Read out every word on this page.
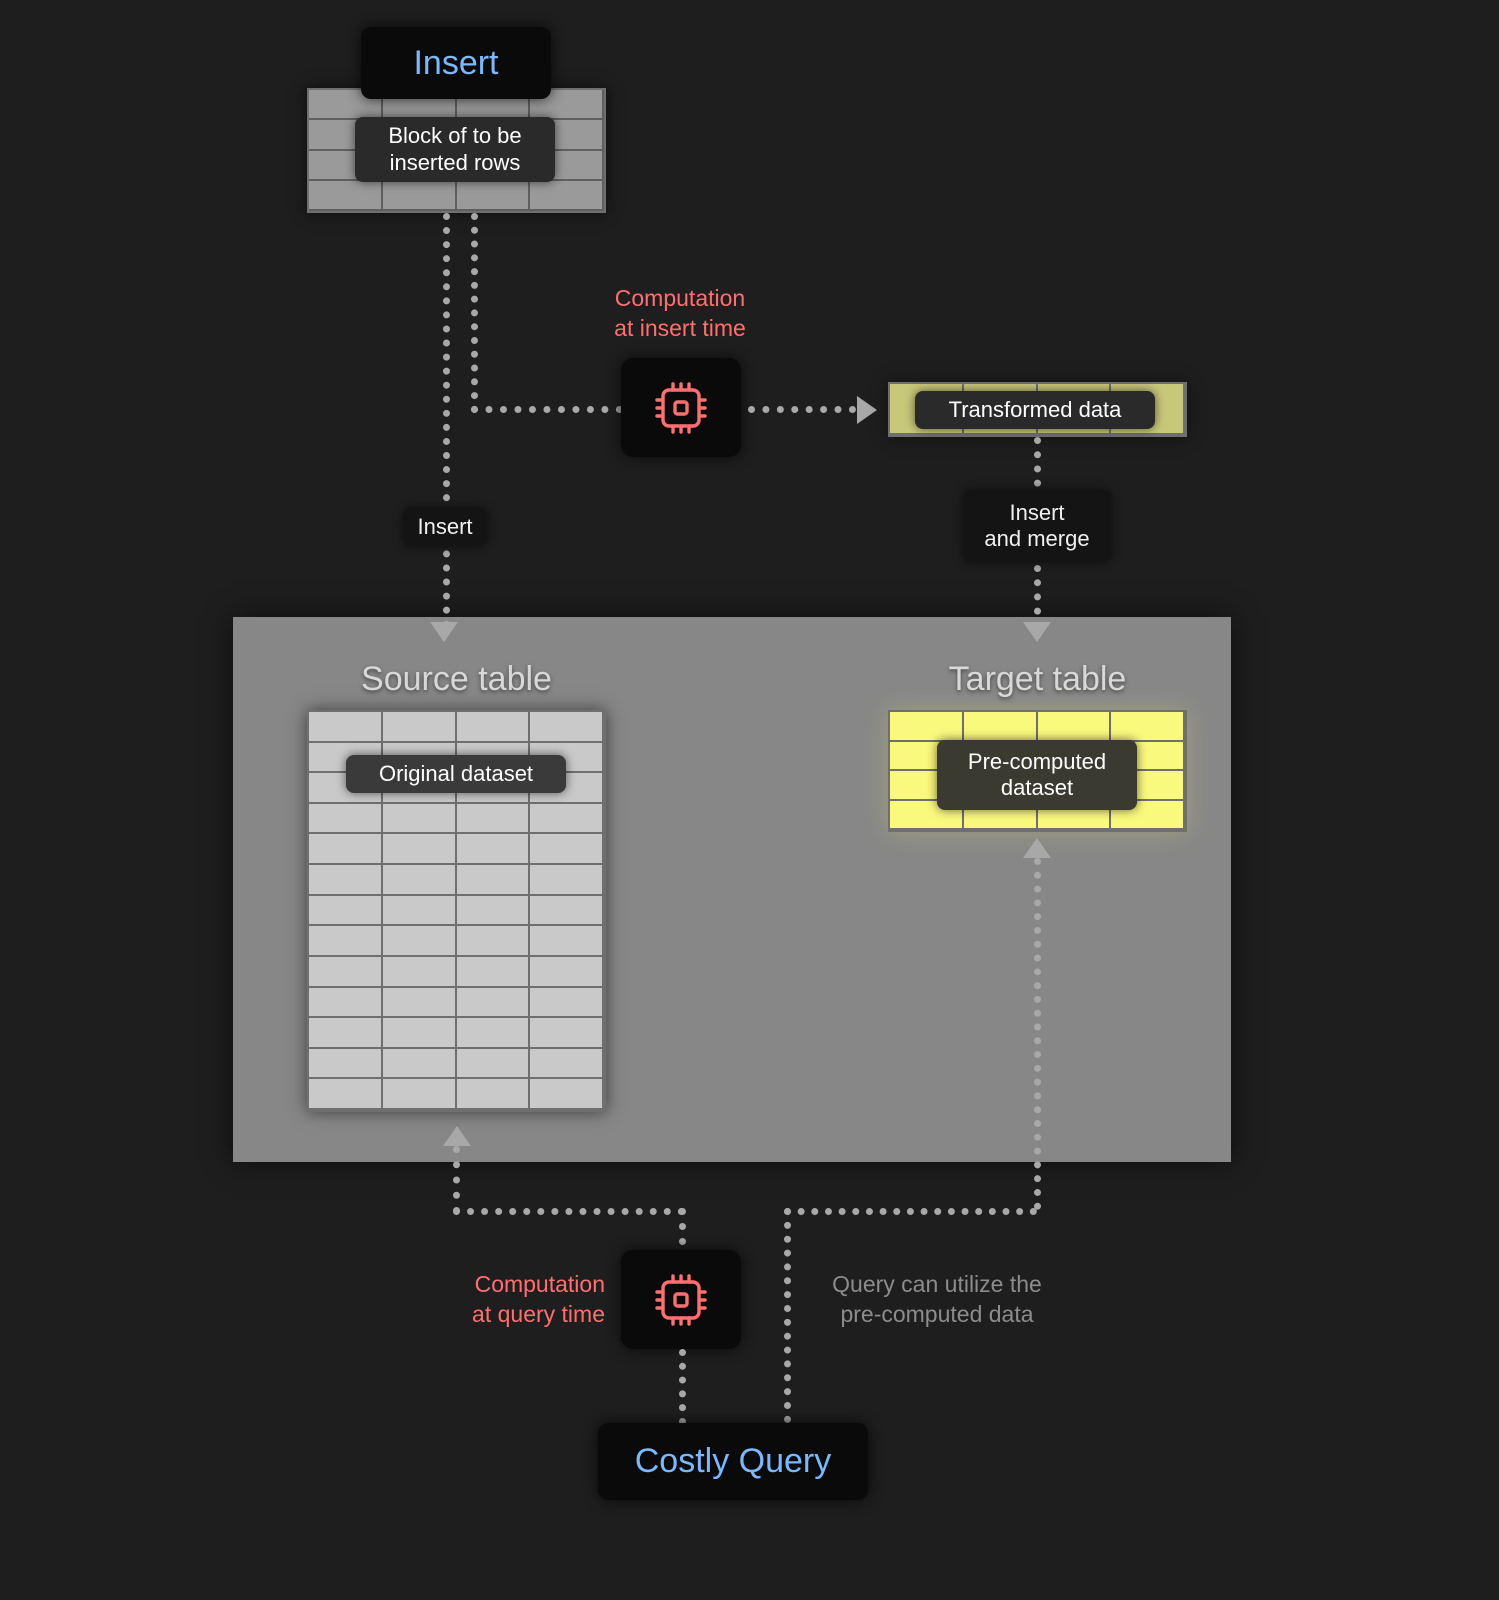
Insert
Block of to be
inserted rows
Insert
Computation
at insert time
Transformed data
Insert
and merge
Source table
Original dataset
Target table
Pre-computed
dataset
Computation
at query time
Query can utilize the
pre-computed data
Costly Query
